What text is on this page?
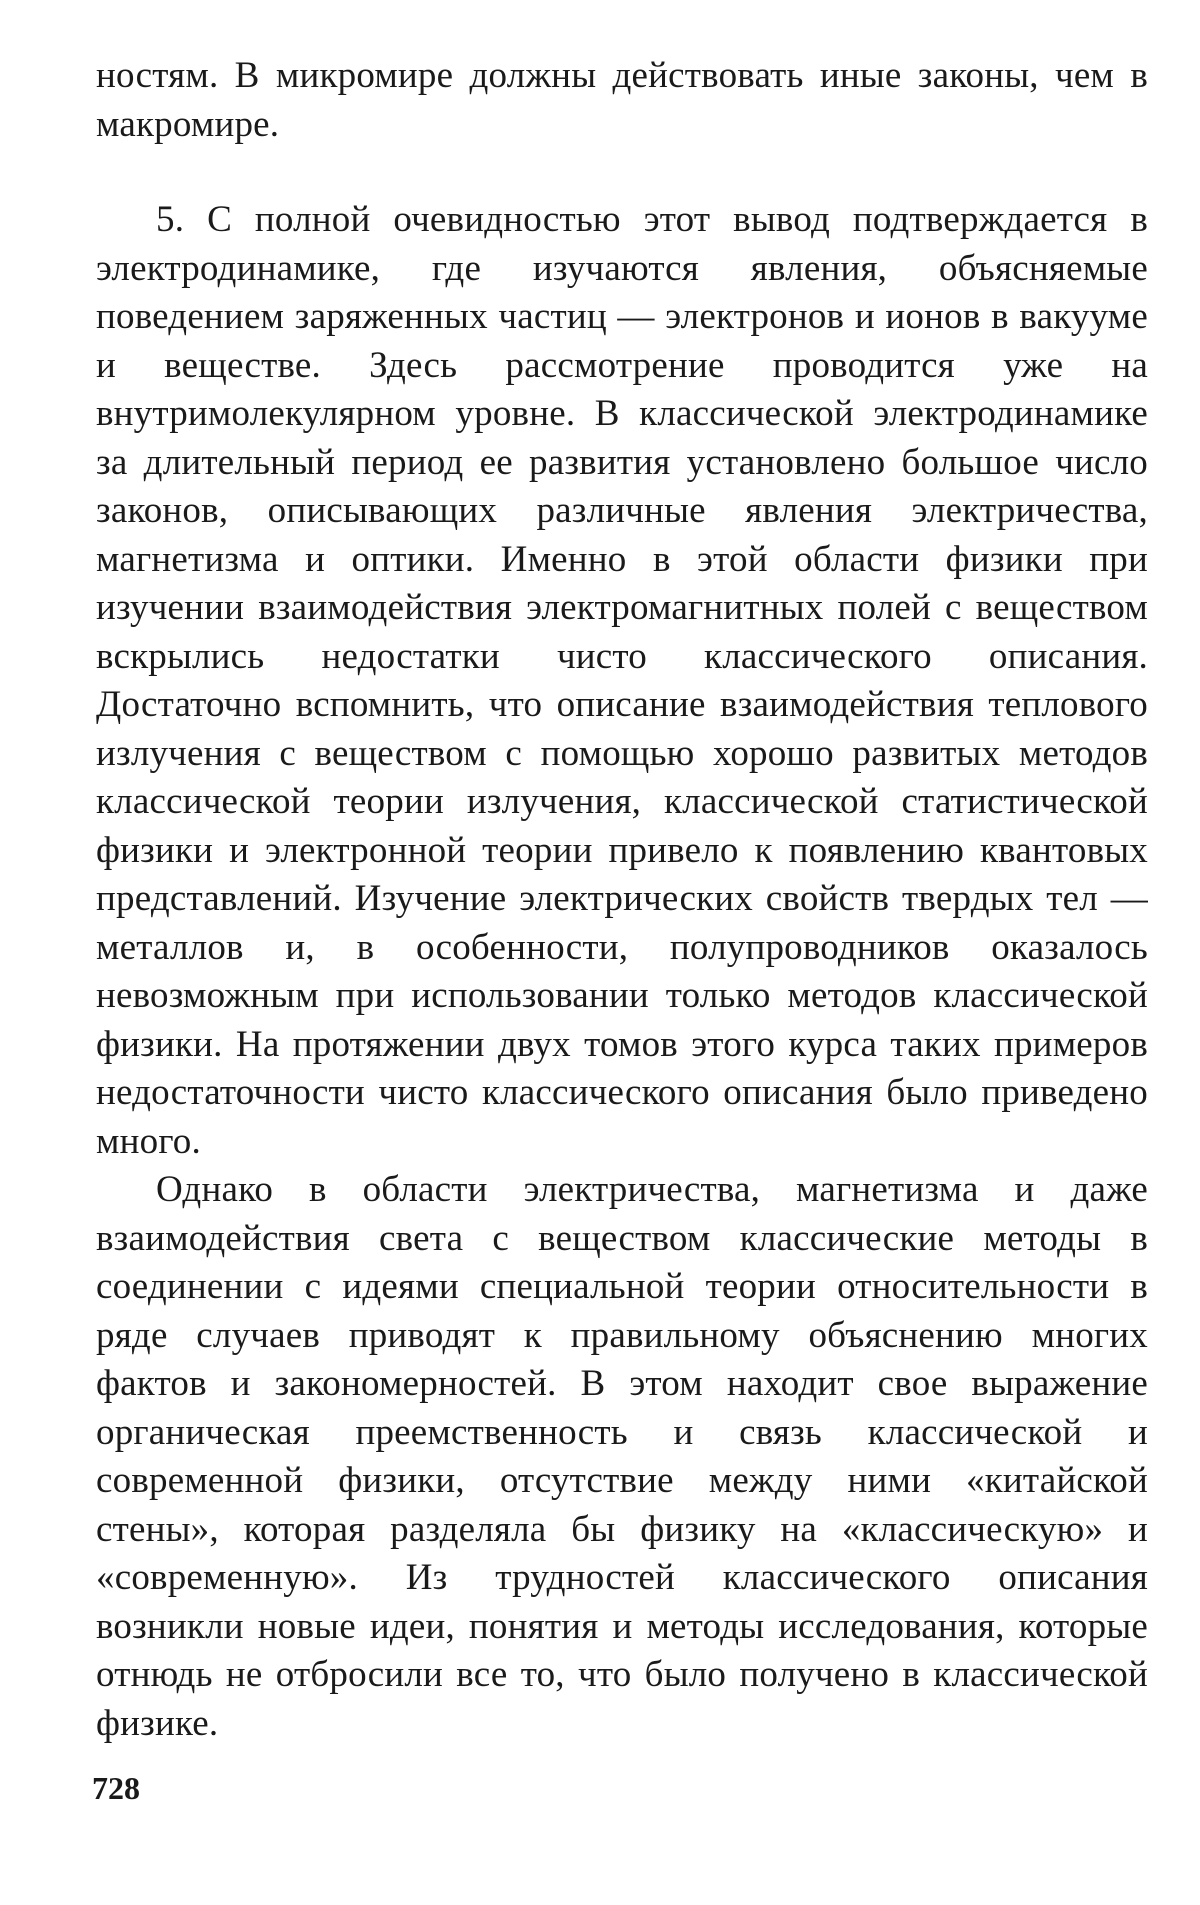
ностям. В микромире должны действовать иные законы, чем в макромире.

5. С полной очевидностью этот вывод подтверждается в электродинамике, где изучаются явления, объясняемые поведением заряженных частиц — электронов и ионов в вакууме и веществе. Здесь рассмотрение проводится уже на внутримолекулярном уровне. В классической электродинамике за длительный период ее развития установлено большое число законов, описывающих различные явления электричества, магнетизма и оптики. Именно в этой области физики при изучении взаимодействия электромагнитных полей с веществом вскрылись недостатки чисто классического описания. Достаточно вспомнить, что описание взаимодействия теплового излучения с веществом с помощью хорошо развитых методов классической теории излучения, классической статистической физики и электронной теории привело к появлению квантовых представлений. Изучение электрических свойств твердых тел — металлов и, в особенности, полупроводников оказалось невозможным при использовании только методов классической физики. На протяжении двух томов этого курса таких примеров недостаточности чисто классического описания было приведено много.

Однако в области электричества, магнетизма и даже взаимодействия света с веществом классические методы в соединении с идеями специальной теории относительности в ряде случаев приводят к правильному объяснению многих фактов и закономерностей. В этом находит свое выражение органическая преемственность и связь классической и современной физики, отсутствие между ними «китайской стены», которая разделяла бы физику на «классическую» и «современную». Из трудностей классического описания возникли новые идеи, понятия и методы исследования, которые отнюдь не отбросили все то, что было получено в классической физике.

728
